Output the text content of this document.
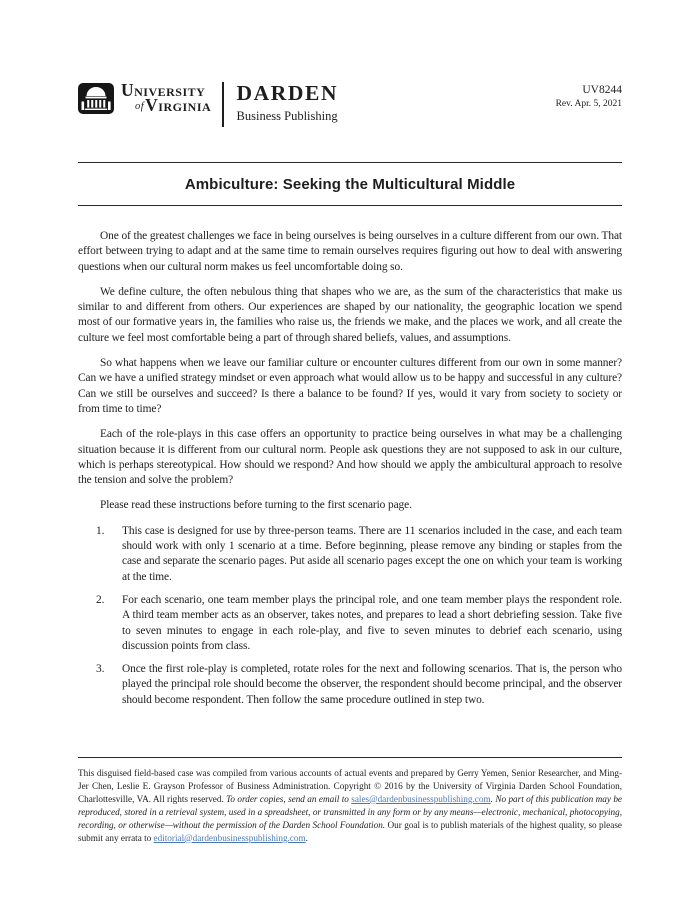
University
ofVirginia DARDEN
Business Publishing
UV8244
Rev. Apr. 5, 2021
Ambiculture: Seeking the Multicultural Middle

One of the greatest challenges we face in being ourselves is being ourselves in a culture different from our own. That effort between trying to adapt and at the same time to remain ourselves requires figuring out how to deal with answering questions when our cultural norm makes us feel uncomfortable doing so.

We define culture, the often nebulous thing that shapes who we are, as the sum of the characteristics that make us similar to and different from others. Our experiences are shaped by our nationality, the geographic location we spend most of our formative years in, the families who raise us, the friends we make, and the places we work, and all create the culture we feel most comfortable being a part of through shared beliefs, values, and assumptions.

So what happens when we leave our familiar culture or encounter cultures different from our own in some manner? Can we have a unified strategy mindset or even approach what would allow us to be happy and successful in any culture? Can we still be ourselves and succeed? Is there a balance to be found? If yes, would it vary from society to society or from time to time?

Each of the role-plays in this case offers an opportunity to practice being ourselves in what may be a challenging situation because it is different from our cultural norm. People ask questions they are not supposed to ask in our culture, which is perhaps stereotypical. How should we respond? And how should we apply the ambicultural approach to resolve the tension and solve the problem?

Please read these instructions before turning to the first scenario page.

1. This case is designed for use by three-person teams. There are 11 scenarios included in the case, and each team should work with only 1 scenario at a time. Before beginning, please remove any binding or staples from the case and separate the scenario pages. Put aside all scenario pages except the one on which your team is working at the time.
2. For each scenario, one team member plays the principal role, and one team member plays the respondent role. A third team member acts as an observer, takes notes, and prepares to lead a short debriefing session. Take five to seven minutes to engage in each role-play, and five to seven minutes to debrief each scenario, using discussion points from class.
3. Once the first role-play is completed, rotate roles for the next and following scenarios. That is, the person who played the principal role should become the observer, the respondent should become principal, and the observer should become respondent. Then follow the same procedure outlined in step two.

This disguised field-based case was compiled from various accounts of actual events and prepared by Gerry Yemen, Senior Researcher, and Ming-Jer Chen, Leslie E. Grayson Professor of Business Administration. Copyright © 2016 by the University of Virginia Darden School Foundation, Charlottesville, VA. All rights reserved. To order copies, send an email to sales@dardenbusinesspublishing.com. No part of this publication may be reproduced, stored in a retrieval system, used in a spreadsheet, or transmitted in any form or by any means—electronic, mechanical, photocopying, recording, or otherwise—without the permission of the Darden School Foundation. Our goal is to publish materials of the highest quality, so please submit any errata to editorial@dardenbusinesspublishing.com.
